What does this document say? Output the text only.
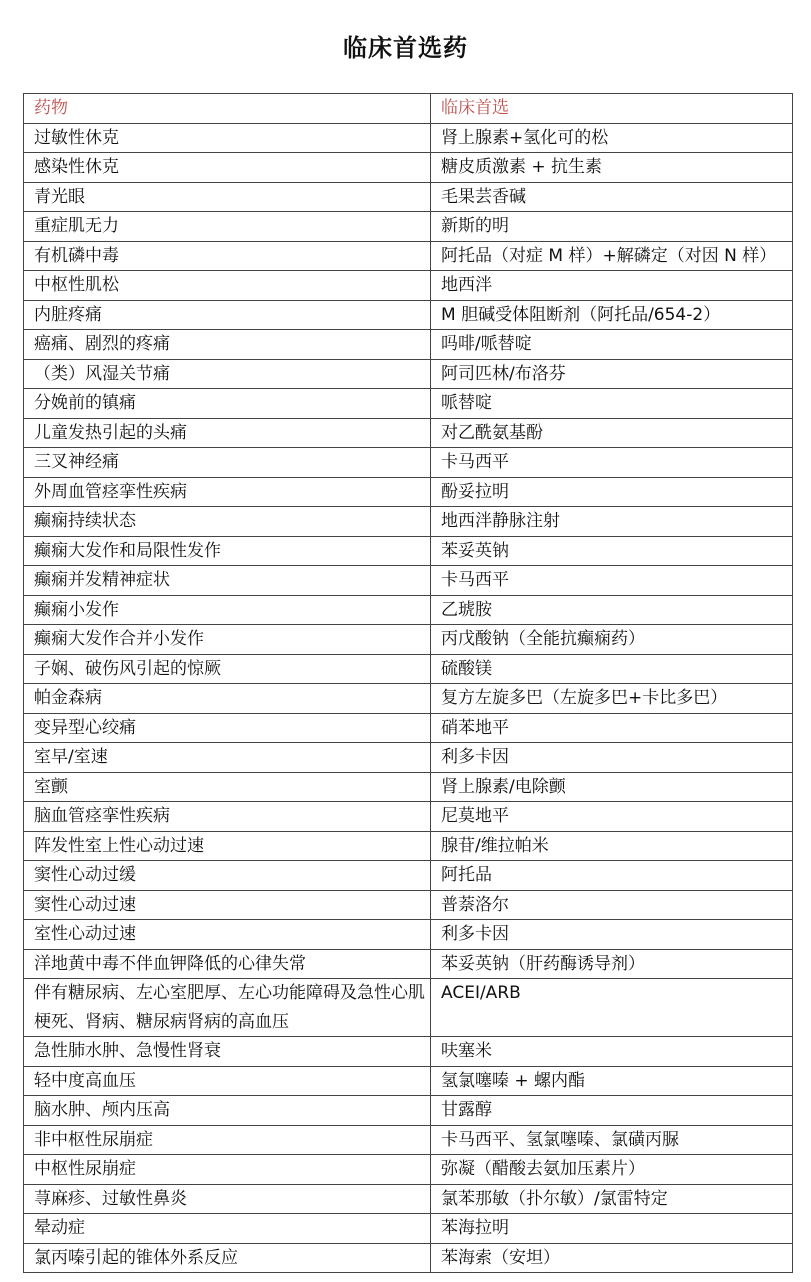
临床首选药
药物	临床首选
过敏性休克	肾上腺素+氢化可的松
感染性休克	糖皮质激素 + 抗生素
青光眼	毛果芸香碱
重症肌无力	新斯的明
有机磷中毒	阿托品（对症 M 样）+解磷定（对因 N 样）
中枢性肌松	地西泮
内脏疼痛	M 胆碱受体阻断剂（阿托品/654-2）
癌痛、剧烈的疼痛	吗啡/哌替啶
（类）风湿关节痛	阿司匹林/布洛芬
分娩前的镇痛	哌替啶
儿童发热引起的头痛	对乙酰氨基酚
三叉神经痛	卡马西平
外周血管痉挛性疾病	酚妥拉明
癫痫持续状态	地西泮静脉注射
癫痫大发作和局限性发作	苯妥英钠
癫痫并发精神症状	卡马西平
癫痫小发作	乙琥胺
癫痫大发作合并小发作	丙戊酸钠（全能抗癫痫药）
子娴、破伤风引起的惊厥	硫酸镁
帕金森病	复方左旋多巴（左旋多巴+卡比多巴）
变异型心绞痛	硝苯地平
室早/室速	利多卡因
室颤	肾上腺素/电除颤
脑血管痉挛性疾病	尼莫地平
阵发性室上性心动过速	腺苷/维拉帕米
窦性心动过缓	阿托品
窦性心动过速	普萘洛尔
室性心动过速	利多卡因
洋地黄中毒不伴血钾降低的心律失常	苯妥英钠（肝药酶诱导剂）
伴有糖尿病、左心室肥厚、左心功能障碍及急性心肌梗死、肾病、糖尿病肾病的高血压	ACEI/ARB
急性肺水肿、急慢性肾衰	呋塞米
轻中度高血压	氢氯噻嗪 + 螺内酯
脑水肿、颅内压高	甘露醇
非中枢性尿崩症	卡马西平、氢氯噻嗪、氯磺丙脲
中枢性尿崩症	弥凝（醋酸去氨加压素片）
荨麻疹、过敏性鼻炎	氯苯那敏（扑尔敏）/氯雷特定
晕动症	苯海拉明
氯丙嗪引起的锥体外系反应	苯海索（安坦）
